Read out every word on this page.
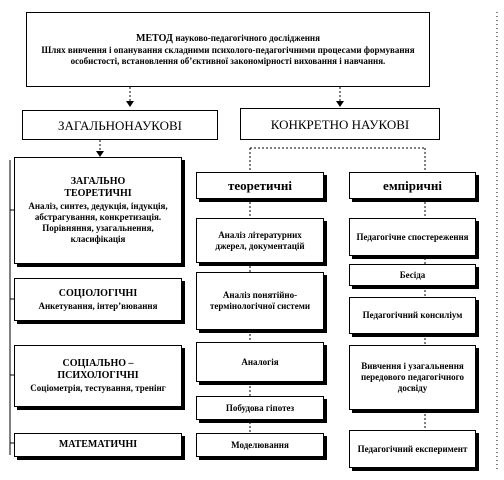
МЕТОД науково-педагогічного дослідження
Шлях вивчення і опанування складними психолого-педагогічними процесами формування особистості, встановлення об’єктивної закономірності виховання і навчання.
ЗАГАЛЬНОНАУКОВІ	КОНКРЕТНО НАУКОВІ
ЗАГАЛЬНО ТЕОРЕТИЧНІ
Аналіз, синтез, дедукція, індукція, абстрагування, конкретизація. Порівняння, узагальнення, класифікація
СОЦІОЛОГІЧНІ
Анкетування, інтер’вювання
СОЦІАЛЬНО – ПСИХОЛОГІЧНІ
Соціометрія, тестування, тренінг
МАТЕМАТИЧНІ
теоретичні	емпіричні
Аналіз літературних джерел, документацій
Аналіз понятійно-термінологічної системи
Аналогія
Побудова гіпотез
Моделювання
Педагогічне спостереження
Бесіда
Педагогічний консиліум
Вивчення і узагальнення передового педагогічного досвіду
Педагогічний експеримент
